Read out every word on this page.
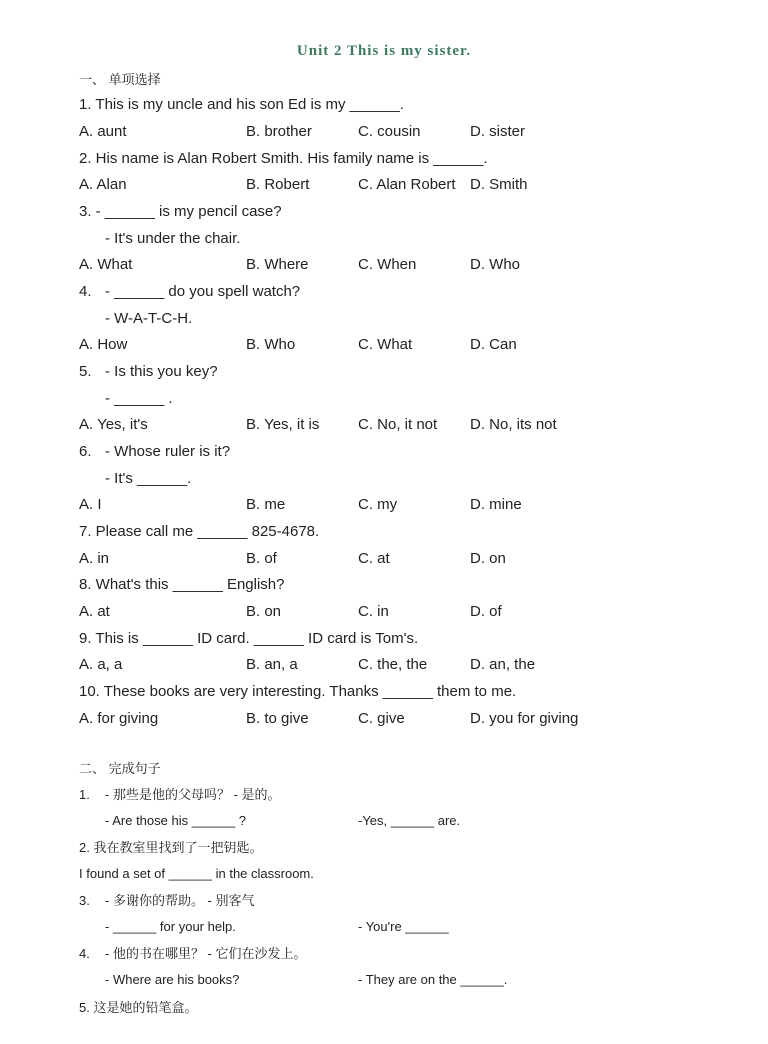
Unit 2 This is my sister.
一、 单项选择
1. This is my uncle and his son Ed is my ______.
A. aunt	B. brother	C. cousin	D. sister
2. His name is Alan Robert Smith. His family name is ______.
A. Alan	B. Robert	C. Alan Robert D. Smith
3. - ______ is my pencil case?
- It's under the chair.
A. What	B. Where	C. When	D. Who
4. - ______ do you spell watch?
- W-A-T-C-H.
A. How	B. Who	C. What	D. Can
5. - Is this you key?
- ______ .
A. Yes, it's	B. Yes, it is	C. No, it not D. No, its not
6. - Whose ruler is it?
- It's ______.
A. I	B. me	C. my	D. mine
7. Please call me ______ 825-4678.
A. in	B. of	C. at	D. on
8. What's this ______ English?
A. at	B. on	C. in	D. of
9. This is ______ ID card. ______ ID card is Tom's.
A. a, a	B. an, a	C. the, the	D. an, the
10. These books are very interesting. Thanks ______ them to me.
A. for giving	B. to give	C. give	D. you for giving
二、 完成句子
1. - 那些是他的父母吗？ - 是的。
- Are those his ______ ?	-Yes, ______ are.
2. 我在教室里找到了一把钥匙。
I found a set of ______ in the classroom.
3. - 多谢你的帮助。 - 别客气
- ______ for your help.	- You're ______
4. - 他的书在哪里？ - 它们在沙发上。
- Where are his books?	- They are on the ______.
5. 这是她的铅笔盒。
